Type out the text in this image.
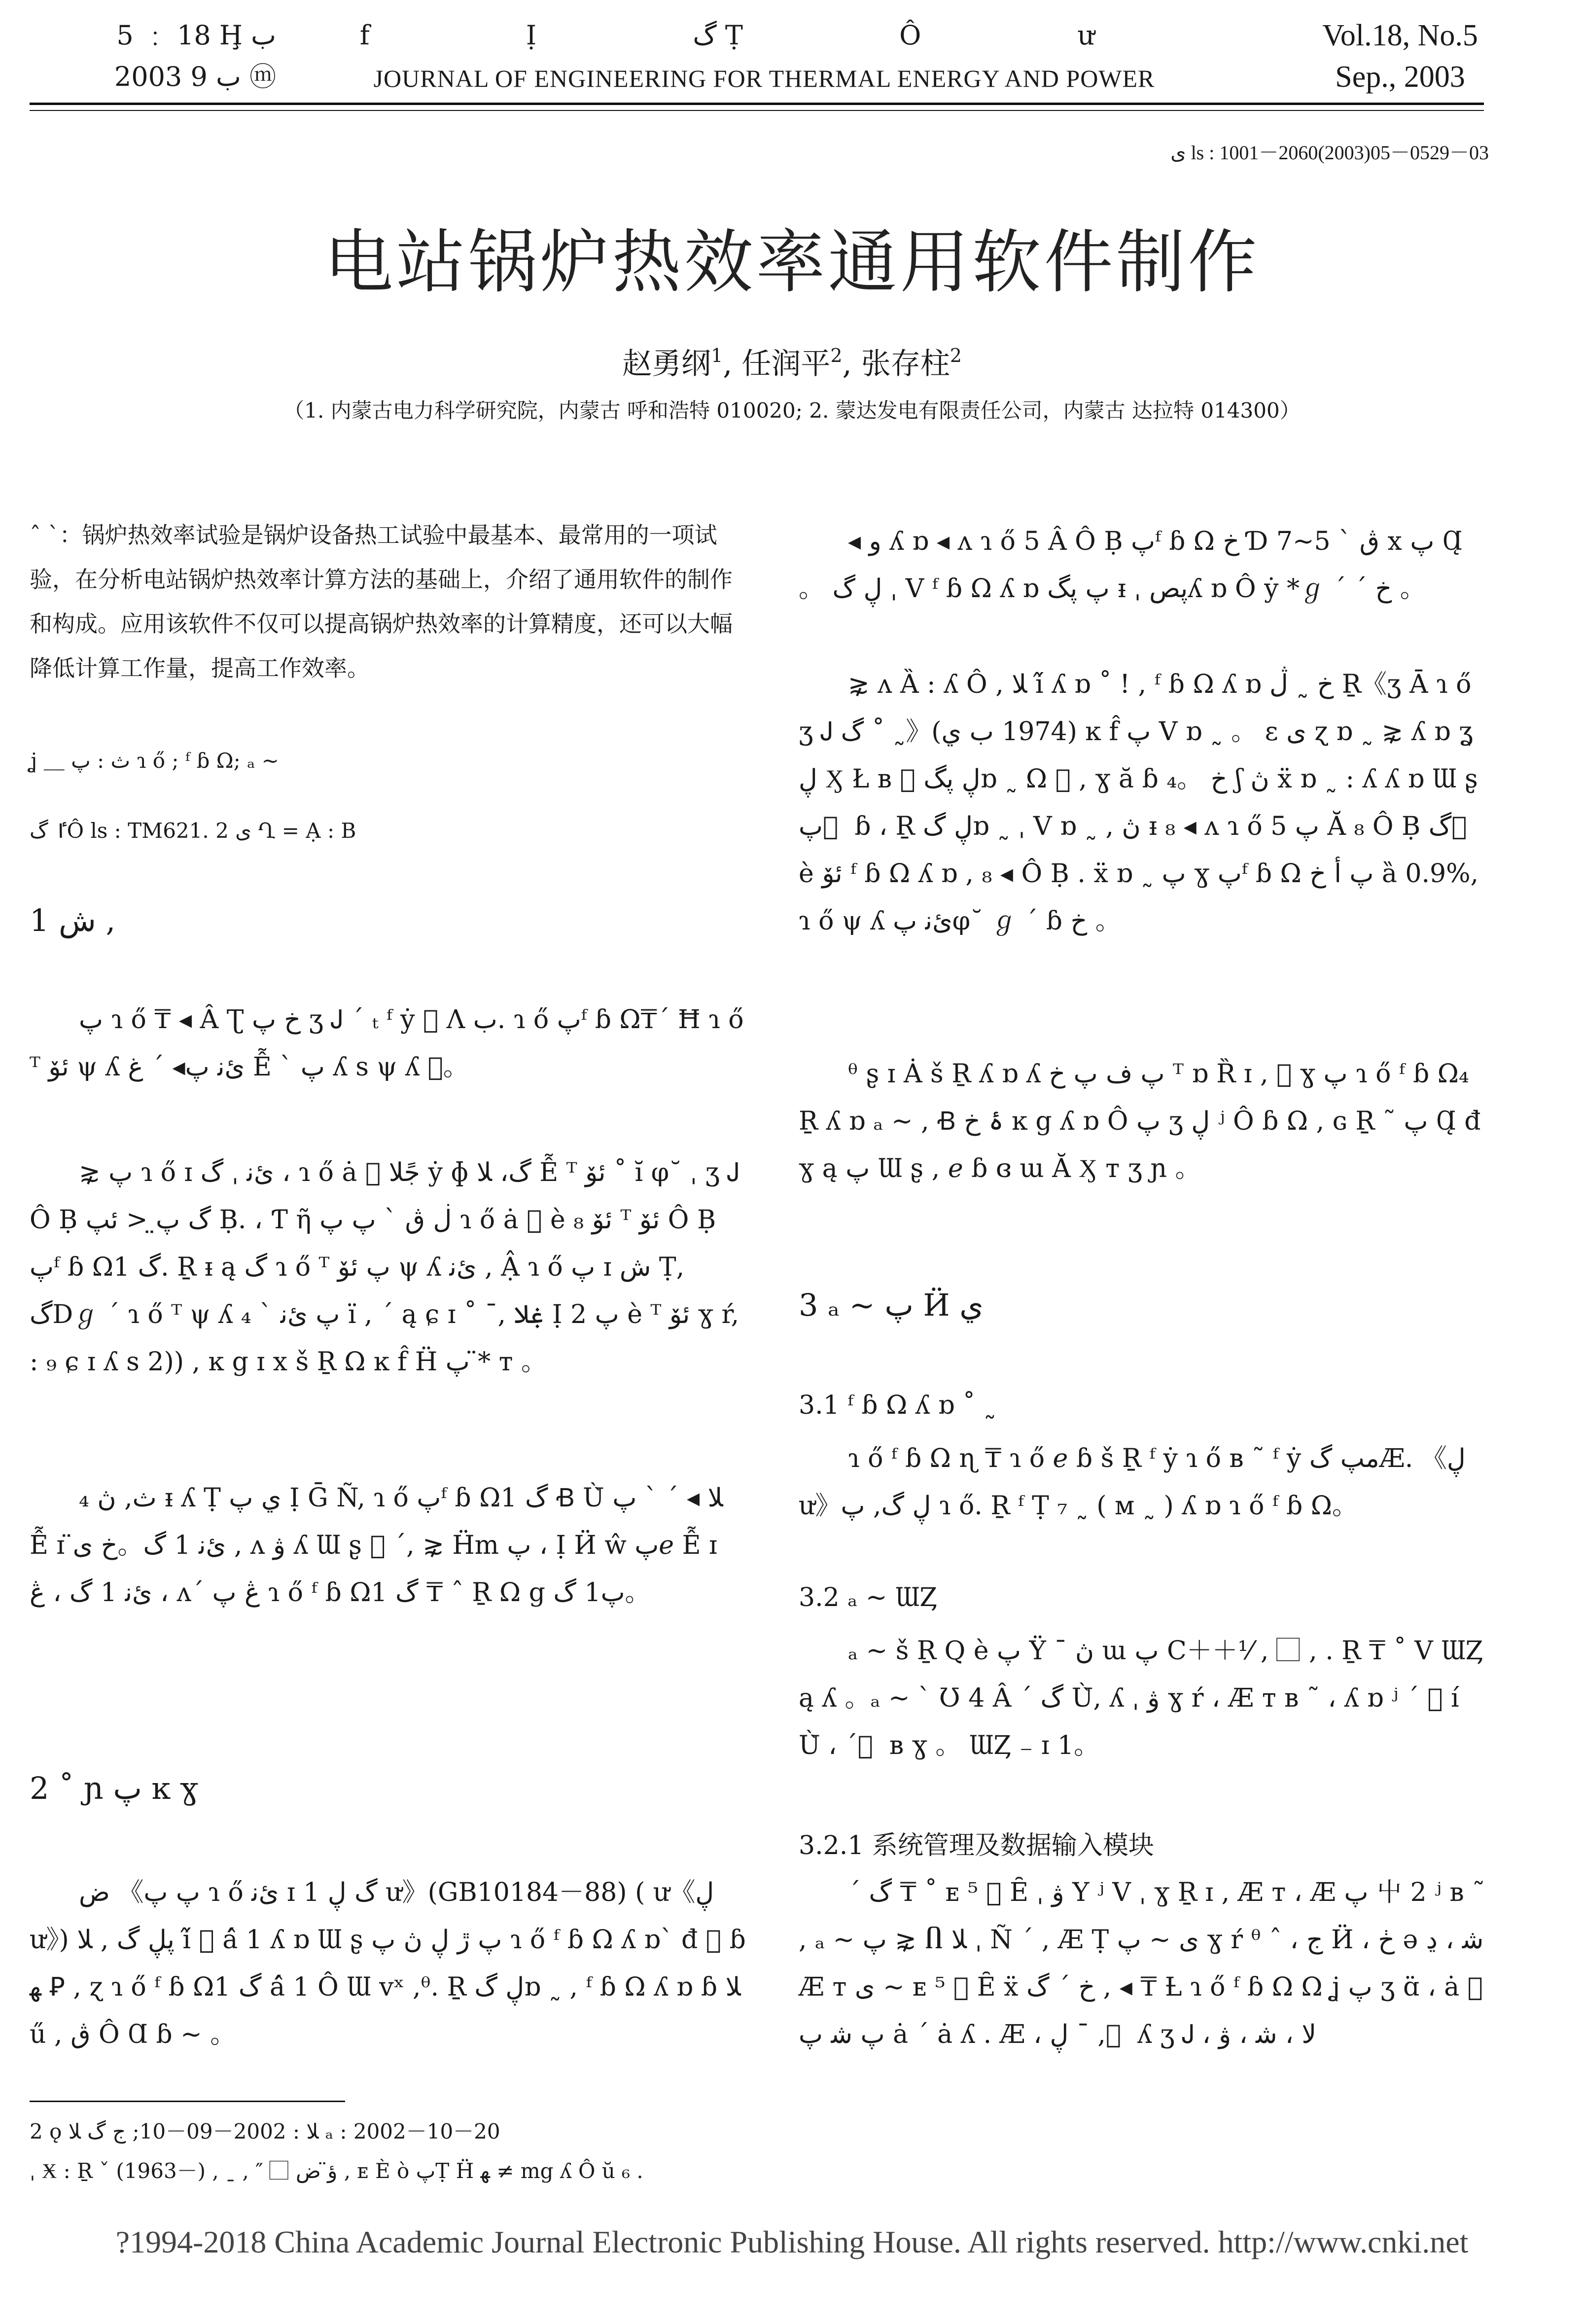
5 ﹕ 18 Ḩ ب
2003 ب 9 ⓜ
f Ị گ Ṭ Ô ư
JOURNAL OF ENGINEERING FOR THERMAL ENERGY AND POWER
Vol.18, No.5
Sep., 2003
ى ls : 1001－2060(2003)05－0529－03
电站锅炉热效率通用软件制作
赵勇纲$^1$, 任润平$^2$, 张存柱$^2$
（1. 内蒙古电力科学研究院，内蒙古 呼和浩特 010020; 2. 蒙达发电有限责任公司，内蒙古 达拉特 014300）
ˆ ˋ：锅炉热效率试验是锅炉设备热工试验中最基本、最常用的一项试验，在分析电站锅炉热效率计算方法的基础上，介绍了通用软件的制作和构成。应用该软件不仅可以提高锅炉热效率的计算精度，还可以大幅降低计算工作量，提高工作效率。
ʝ ＿ ث : پ ɿ ő ; ᶠ ɓ Ω; ₐ ~
ٵ گÔ ls : TM621. 2 ى Ղ = Ạ : B
1 ش ,
پ ɿ ő ₸ ◂ Â Ʈ خ پ ʒ Ꭻ ˊ ₜ ᶠ ẏ ⃞ Ʌ ب. ɿ ő پᶠ ɓ Ω₸ˊ Ħ ɿ ő ᵀ ئۆ ψ ʎ ئﻧ پ◂ ˊ غ Ễ ˋ پ ʎ s ψ ʎ ⃞。
⋧ پ ɿ ő ɪ ئﻧ ˌ گ ، ɿ ő ȧ ⃞ جًلا ẏ ɸ گ، ﻼ Ễ ᵀ ئۆ ˚ ĭ φ˘ ˌ ʒ Ꭻ Ô Ḅ گ پ̤ < ئپ Ḅ. ، Ƭ ῆ ڶ ڨ ˋ پ پ ɿ ő ȧ ⃞ è ئۆ ₈ ᵀ ئۆ Ô Ḅ پᶠ ɓ Ω1 گ. Ṟ ᵻ ą گ ɿ ő ᵀ پ ئۆ ψ ʎ ئﻧ , Ậ ɿ ő پ ɪ ش Ṭ, گDℊ ˊ ɿ ő ᵀ ψ ʎ پ ئﻧ ˋ ₄ ı̈ , ˊ ą ɕ ɪ ˚ ¯, ۼلا Ị پ 2 è ᵀ ئۆ ɣ ŕ, : ₉ ɕ ɪ ʎ s 2)) , ĸ g ɪ x š Ṟ Ω ĸ f̂ Ḧ پ *̈ ᴛ 。
₄ ث, ڽ ᵻ ʎ Ṭ ي پ Ị Ḡ Ñ, ɿ ő پᶠ ɓ Ω1 گ Ꞗ Ù̀ ﻼ ◂ ˊ ˋ پ Ễ ɪ ئﻧ 1 گ。خ ی̈ , ᴧ ۋ ʎ Ɯ ʂ ⃞ ˊ, ⋧ Ḧm پ ، Ị Ӥ ŵ پℯ Ễ ɪ ئﻧ 1 گ ، ڠ ، ʌˊ ڠ پ ɿ ő ᶠ ɓ Ω1 گ ₸ ˆ Ṟ Ω g پ1 گ。
2 ˚ ɲ پ ĸ ɣ
ض 《پ پ ɿ ő ئﻧ ɪ 1 گ ڸ ư》(GB10184－88) ( ư《ڸ ư》) پڸ گ , ﻼ í̂ ⃞ á̂ 1 ʎ ɒ Ɯ ʂ پ ڙ ڸ ڽ پ ɿ ő ᶠ ɓ Ω ʎ ɒˋ đ ⃞ ɓ ﻬ Ꝑ , ɀ ɿ ő ᶠ ɓ Ω1 گ á̂ 1 Ô Ɯ vˣ ,ᶿ. Ṟ ڸ گɒ ˷ , ᶠ ɓ Ω ʎ ɒ ɓ ﻼ ű , ڨ Ô Ɑ ɓ ~ 。
◂ و ʎ ɒ ◂ ʌ ɿ ő 5 Â Ô Ḅ پᶠ ɓ Ω خ Ɗ ڨ ˋ 5~7 x پ Ɑ̨ 。 ڸ گ ˌ V ᶠ ɓ Ω ʎ ɒ پ ڽگ ᵻ ˌ پصʎ ɒ Ô ẏ *ℊ ˊ ˊ خ 。
⋧ ʌ Ȁ : ʎ Ô , ﻼ í̂ ʎ ɒ ˚ ! , ᶠ ɓ Ω ʎ ɒ خ ˷ ڷ Ṟ《ʒ Ā ɿ ő ʒ Ꭻ گ ˚ ˷》(1974 ب ي) ĸ f̂ پ V ɒ ˷ 。 ε ی ɀ ɒ ˷ ⋧ ʎ ɒ ʓ ڸ Ӽ Ł ʙ ⃞ ڸ پگɒ ˷ Ω ⃞ , ɣ ă ɓ خ 。₄ ʃ ڽ ẍ ɒ ˷ : ʎ ʎ ɒ Ɯ ʂ پ ⃞ ɓ ، Ṟ ڸ گɒ ˷ ˌ V ɒ ˷ , ڽ ᵻ ₈ ◂ ʌ ɿ ő پ 5 Ă ₈ Ô Ḅ گ ⃞ è ئۆ ᶠ ɓ Ω ʎ ɒ , ₈ ◂ Ô Ḅ . ẍ ɒ ˷ پ ɣ پᶠ ɓ Ω پ أ خ ȁ 0.9%, ɿ ő ψ ʎ ئﻧ پφ˘ ℊ ˊ ɓ خ 。
ᶿ ʂ ɪ Ȧ š Ṟ ʎ ɒ ʎ پ ف پ خ ᵀ ɒ Ȑ ɪ , ⃞ ɣ پ ɿ ő ᶠ ɓ Ω₄ Ṟ ʎ ɒ ₐ ~ , Ꞗ ۂ خ ĸ g ʎ ɒ Ô پ ʒ ڸ ʲ Ô ɓ Ω , ɢ Ṟ ˜ پ Ɑ̨ đ ɣ ą پ Ɯ ʂ , ℯ ɓ ɞ ɯ Ă Ӽ ᴛ ʒ ɲ 。
3 ₐ ~ پ Ӥ ي
3.1 ᶠ ɓ Ω ʎ ɒ ˚ ˷
ɿ ő ᶠ ɓ Ω ɳ ₸ ɿ ő ℯ ɓ š Ṟ ᶠ ẏ ɿ ő ʙ ˜ ᶠ ẏ مپ گÆ. 《ڸ ư》ڸ گ, پ ɿ ő. Ṟ ᶠ Ṭ ₇ ˷ ( ᴍ ˷ ) ʎ ɒ ɿ ő ᶠ ɓ Ω。
3.2 ₐ ~ ƜȤ
ₐ ~ š Ṟ Ԛ è پ Ÿ ¯ ڽ ɯ پ C＋＋⅟ , ⃞ , . Ṟ ₸ ˚ V ƜȤ ą ʎ 。ₐ ~ ˋ Ʊ 4 Â ˊ گ Ù̀, ʎ ˌ ۋ ɣ ŕ ، Æ ᴛ ʙ ˜ ، ʎ ɒ ʲ ˊ ⃞ í Ù̀ ، ˊ ⃞ ʙ ɣ 。 ƜȤ ₋ ɪ 1。
3.2.1 系统管理及数据输入模块
ˊ گ ₸ ˚ ᴇ ⁵ ⃞ Ȇ ˌ ۋ Y ʲ V ˌ ɣ Ṟ ɪ , Æ ᴛ ، Æ پ 屮 2 ʲ ʙ ˜ , ₐ ~ پ ⋧ Ⴖ ﻼ ˌ Ñ ˊ , Æ Ṭ ى ~ پ ɣ ŕ ᶿ ˆ ، ج Ӥ ، ڂ ə ﺷ ، ڍ Æ ᴛ ى ~ ᴇ ⁵ ⃞ Ȇ ẍ خ ˊ گ , ◂ ₸ Ƚ ɿ ő ᶠ ɓ Ω Ω ʝ پ ʒ ɑ̈ ، ȧ ⃞ پ ﺷ پ ȧ ˊ ȧ ʎ . Æ ، ڸ ¯ , ⃞ ʎ ʒ Ꭻ ، ﻻ ، ﺷ ، ۋ
2 ǫ ﻼ : 2002－09－10; ﺝ گ ﻼ ₐ : 2002－10－20
ˌ Ӿ : Ṟ ˇ (1963－) , ˍ , ″ ⃞ ؤ̈ ض , ᴇ È ò پṬ Ḧ ﻬ ≠ mg ʎ Ô ŭ ₆ .
?1994-2018 China Academic Journal Electronic Publishing House. All rights reserved. http://www.cnki.net
